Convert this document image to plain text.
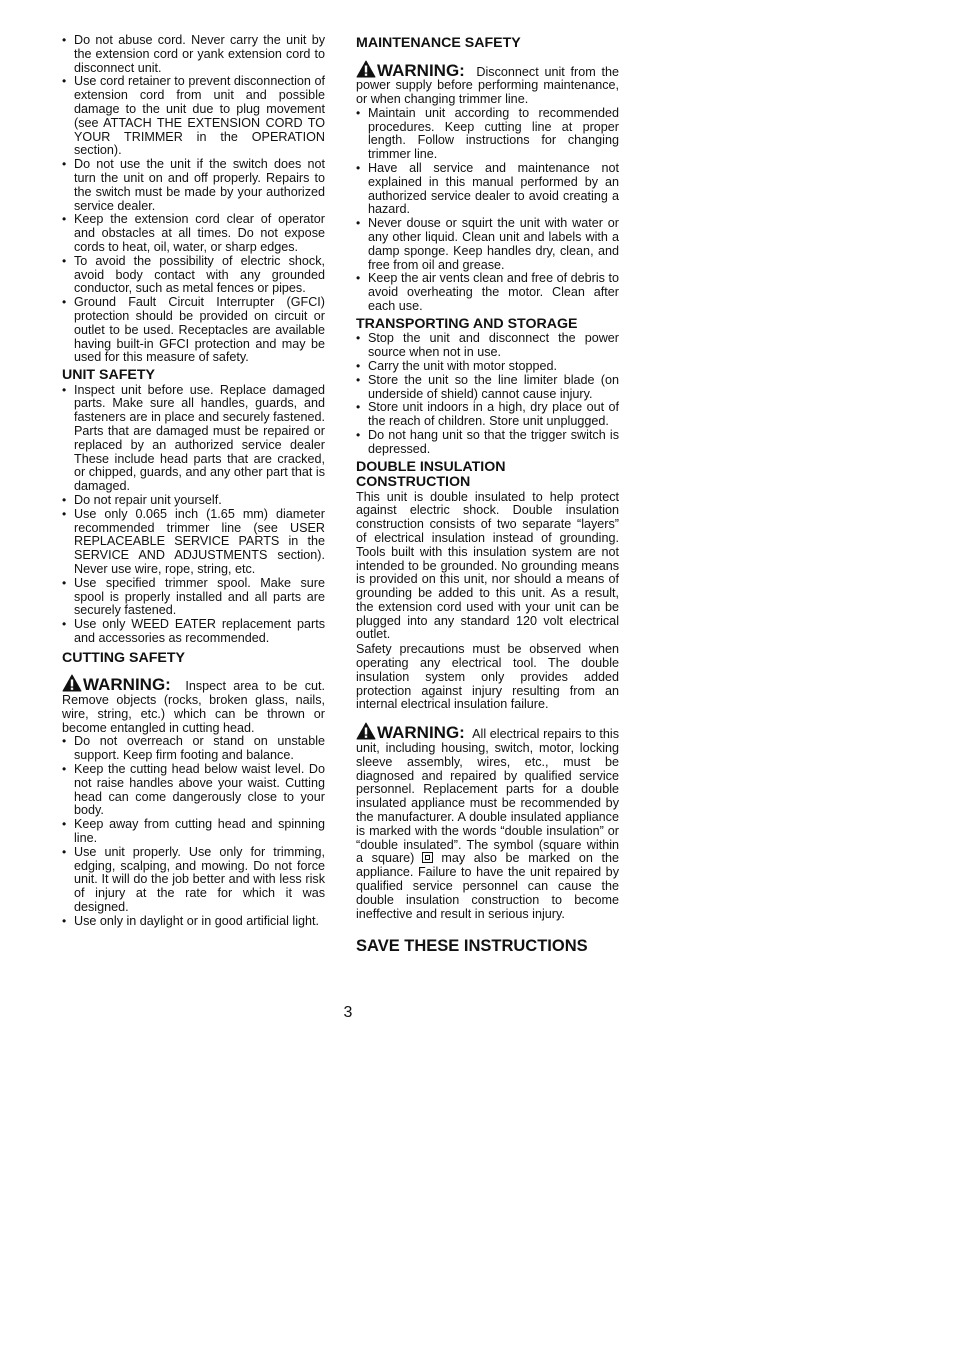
• Do not abuse cord. Never carry the unit by the extension cord or yank extension cord to disconnect unit.
• Use cord retainer to prevent disconnection of extension cord from unit and possible damage to the unit due to plug movement (see ATTACH THE EXTENSION CORD TO YOUR TRIMMER in the OPERATION section).
• Do not use the unit if the switch does not turn the unit on and off properly. Repairs to the switch must be made by your authorized service dealer.
• Keep the extension cord clear of operator and obstacles at all times. Do not expose cords to heat, oil, water, or sharp edges.
• To avoid the possibility of electric shock, avoid body contact with any grounded conductor, such as metal fences or pipes.
• Ground Fault Circuit Interrupter (GFCI) protection should be provided on circuit or outlet to be used. Receptacles are available having built-in GFCI protection and may be used for this measure of safety.
UNIT SAFETY
• Inspect unit before use. Replace damaged parts. Make sure all handles, guards, and fasteners are in place and securely fastened. Parts that are damaged must be repaired or replaced by an authorized service dealer These include head parts that are cracked, or chipped, guards, and any other part that is damaged.
• Do not repair unit yourself.
• Use only 0.065 inch (1.65 mm) diameter recommended trimmer line (see USER REPLACEABLE SERVICE PARTS in the SERVICE AND ADJUSTMENTS section). Never use wire, rope, string, etc.
• Use specified trimmer spool. Make sure spool is properly installed and all parts are securely fastened.
• Use only WEED EATER replacement parts and accessories as recommended.
CUTTING SAFETY

WARNING: Inspect area to be cut. Remove objects (rocks, broken glass, nails, wire, string, etc.) which can be thrown or become entangled in cutting head.

• Do not overreach or stand on unstable support. Keep firm footing and balance.
• Keep the cutting head below waist level. Do not raise handles above your waist. Cutting head can come dangerously close to your body.
• Keep away from cutting head and spinning line.
• Use unit properly. Use only for trimming, edging, scalping, and mowing. Do not force unit. It will do the job better and with less risk of injury at the rate for which it was designed.
• Use only in daylight or in good artificial light.
MAINTENANCE SAFETY

WARNING: Disconnect unit from the power supply before performing maintenance, or when changing trimmer line.

• Maintain unit according to recommended procedures. Keep cutting line at proper length. Follow instructions for changing trimmer line.
• Have all service and maintenance not explained in this manual performed by an authorized service dealer to avoid creating a hazard.
• Never douse or squirt the unit with water or any other liquid. Clean unit and labels with a damp sponge. Keep handles dry, clean, and free from oil and grease.
• Keep the air vents clean and free of debris to avoid overheating the motor. Clean after each use.
TRANSPORTING AND STORAGE
• Stop the unit and disconnect the power source when not in use.
• Carry the unit with motor stopped.
• Store the unit so the line limiter blade (on underside of shield) cannot cause injury.
• Store unit indoors in a high, dry place out of the reach of children. Store unit unplugged.
• Do not hang unit so that the trigger switch is depressed.
DOUBLE INSULATION
CONSTRUCTION

This unit is double insulated to help protect against electric shock. Double insulation construction consists of two separate “layers” of electrical insulation instead of grounding. Tools built with this insulation system are not intended to be grounded. No grounding means is provided on this unit, nor should a means of grounding be added to this unit. As a result, the extension cord used with your unit can be plugged into any standard 120 volt electrical outlet.

Safety precautions must be observed when operating any electrical tool. The double insulation system only provides added protection against injury resulting from an internal electrical insulation failure.

WARNING: All electrical repairs to this unit, including housing, switch, motor, locking sleeve assembly, wires, etc., must be diagnosed and repaired by qualified service personnel. Replacement parts for a double insulated appliance must be recommended by the manufacturer. A double insulated appliance is marked with the words “double insulation” or “double insulated”. The symbol (square within a square) may also be marked on the appliance. Failure to have the unit repaired by qualified service personnel can cause the double insulation construction to become ineffective and result in serious injury.

SAVE THESE INSTRUCTIONS
3
